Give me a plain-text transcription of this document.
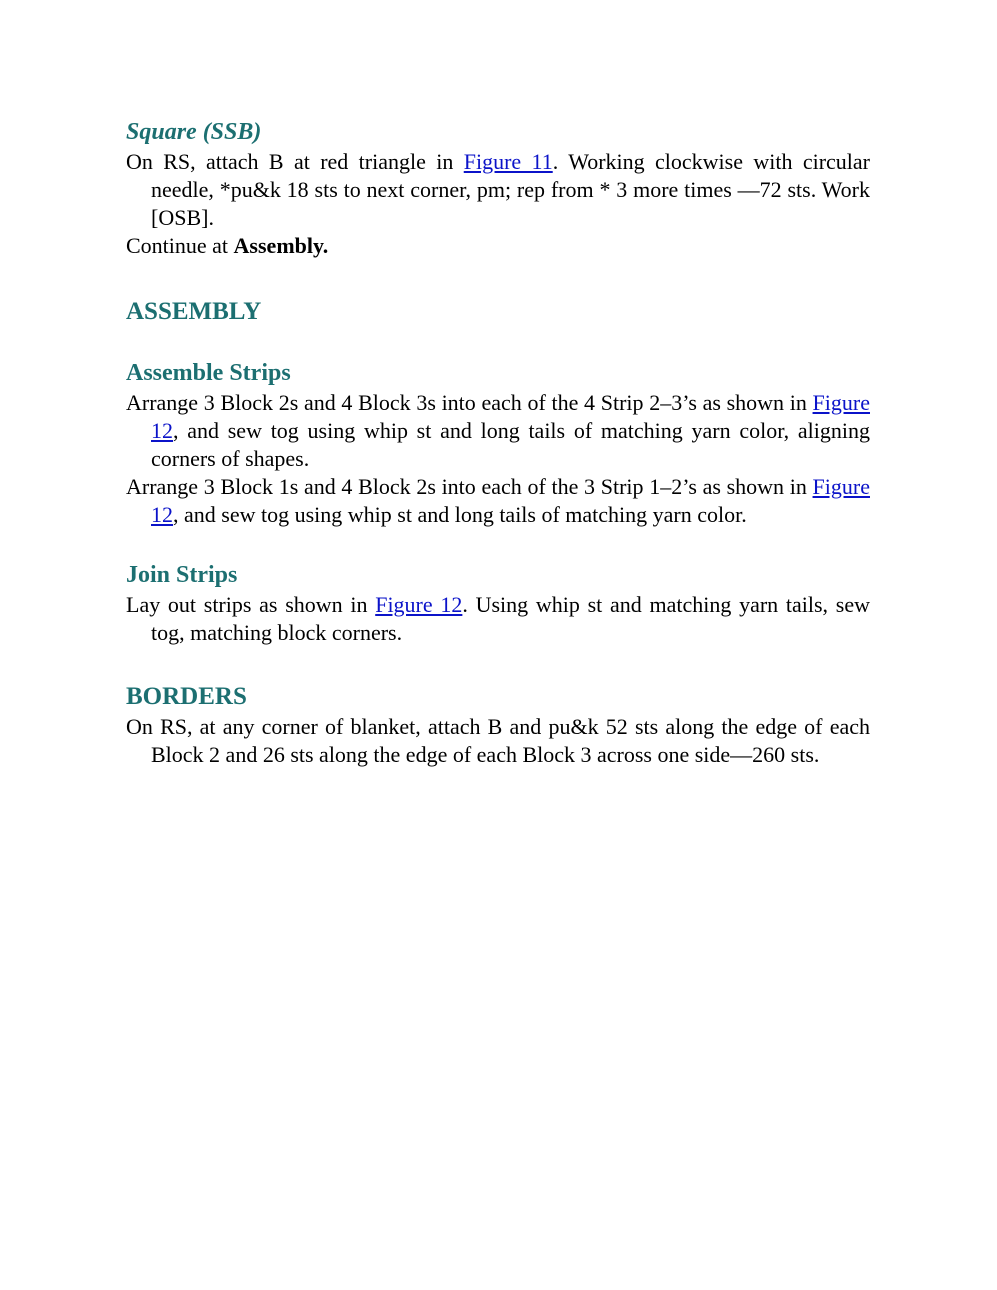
Square (SSB)

On RS, attach B at red triangle in Figure 11. Working clockwise with circular needle, *pu&k 18 sts to next corner, pm; rep from * 3 more times —72 sts. Work [OSB].

Continue at Assembly.

ASSEMBLY
Assemble Strips

Arrange 3 Block 2s and 4 Block 3s into each of the 4 Strip 2–3’s as shown in Figure 12, and sew tog using whip st and long tails of matching yarn color, aligning corners of shapes.

Arrange 3 Block 1s and 4 Block 2s into each of the 3 Strip 1–2’s as shown in Figure 12, and sew tog using whip st and long tails of matching yarn color.

Join Strips

Lay out strips as shown in Figure 12. Using whip st and matching yarn tails, sew tog, matching block corners.

BORDERS

On RS, at any corner of blanket, attach B and pu&k 52 sts along the edge of each Block 2 and 26 sts along the edge of each Block 3 across one side—260 sts.
